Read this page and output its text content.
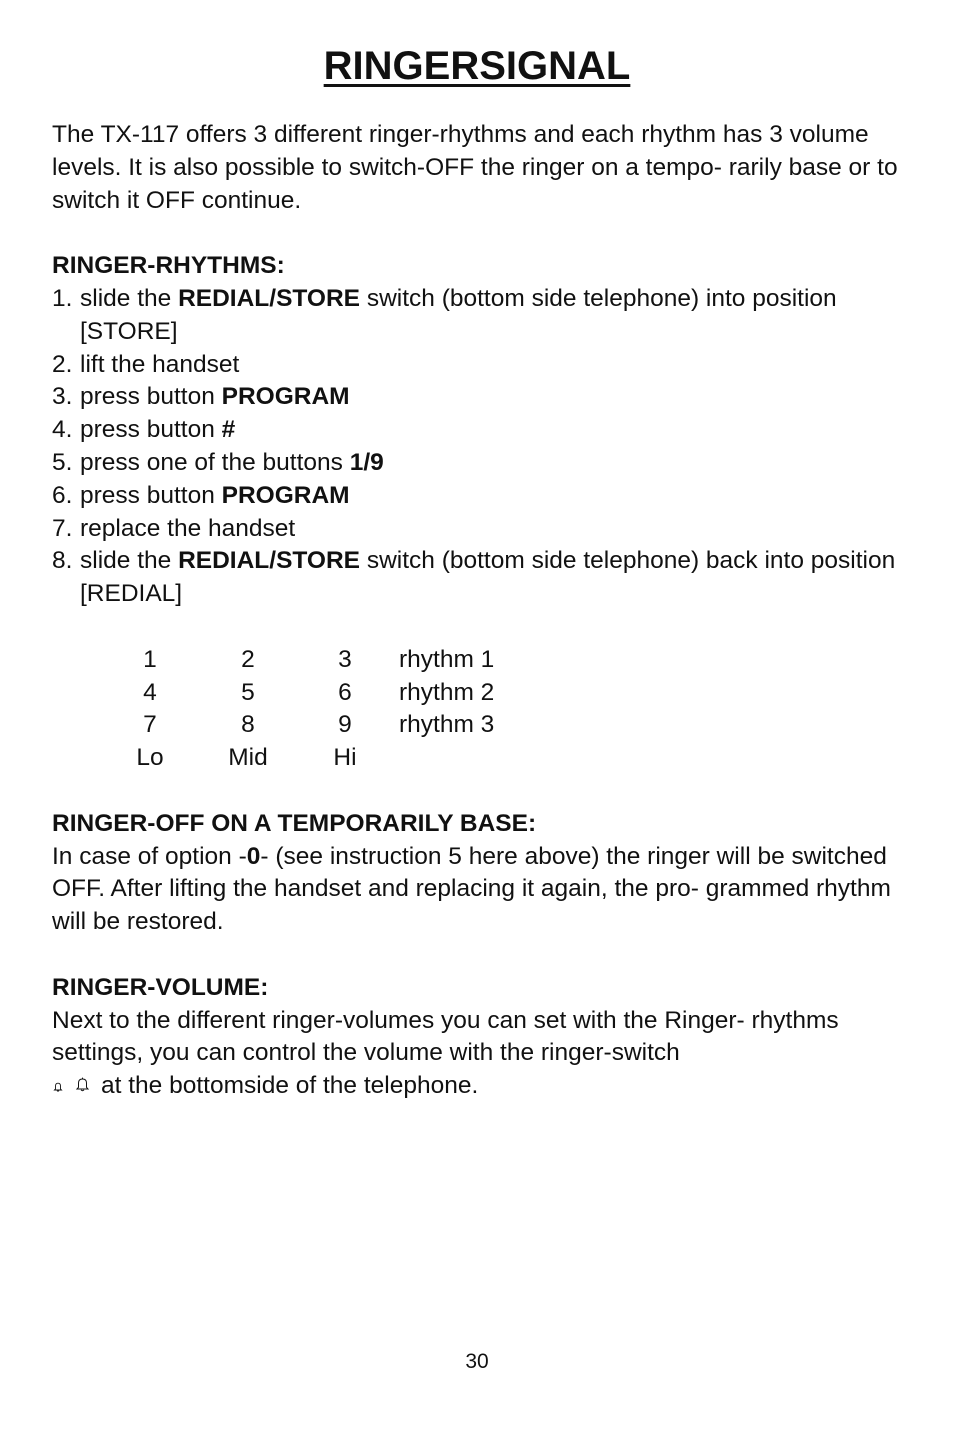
RINGERSIGNAL

The TX-117 offers 3 different ringer-rhythms and each rhythm has 3 volume levels. It is also possible to switch-OFF the ringer on a tempo- rarily base or to switch it OFF continue.

RINGER-RHYTHMS:

1. slide the REDIAL/STORE switch (bottom side telephone) into position [STORE]
2. lift the handset
3. press button PROGRAM
4. press button #
5. press one of the buttons 1/9
6. press button PROGRAM
7. replace the handset
8. slide the REDIAL/STORE switch (bottom side telephone) back into position [REDIAL]
1	2	3	rhythm 1
4	5	6	rhythm 2
7	8	9	rhythm 3
Lo	Mid	Hi	

RINGER-OFF ON A TEMPORARILY BASE:

In case of option -0- (see instruction 5 here above) the ringer will be switched OFF. After lifting the handset and replacing it again, the pro- grammed rhythm will be restored.

RINGER-VOLUME:

Next to the different ringer-volumes you can set with the Ringer- rhythms settings, you can control the volume with the ringer-switch

at the bottomside of the telephone.

30
